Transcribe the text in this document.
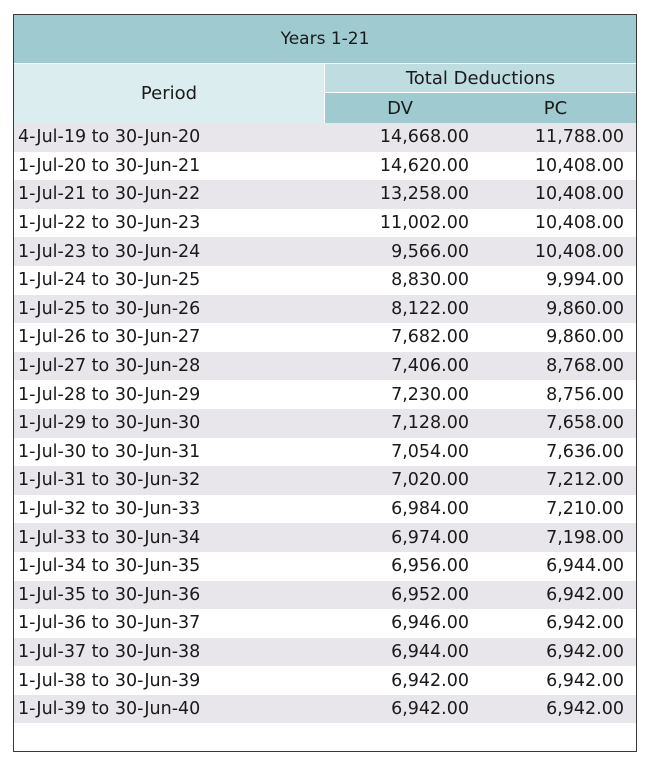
Years 1-21
Period
Total Deductions
DV	PC
4-Jul-19 to 30-Jun-20	14,668.00	11,788.00
1-Jul-20 to 30-Jun-21	14,620.00	10,408.00
1-Jul-21 to 30-Jun-22	13,258.00	10,408.00
1-Jul-22 to 30-Jun-23	11,002.00	10,408.00
1-Jul-23 to 30-Jun-24	9,566.00	10,408.00
1-Jul-24 to 30-Jun-25	8,830.00	9,994.00
1-Jul-25 to 30-Jun-26	8,122.00	9,860.00
1-Jul-26 to 30-Jun-27	7,682.00	9,860.00
1-Jul-27 to 30-Jun-28	7,406.00	8,768.00
1-Jul-28 to 30-Jun-29	7,230.00	8,756.00
1-Jul-29 to 30-Jun-30	7,128.00	7,658.00
1-Jul-30 to 30-Jun-31	7,054.00	7,636.00
1-Jul-31 to 30-Jun-32	7,020.00	7,212.00
1-Jul-32 to 30-Jun-33	6,984.00	7,210.00
1-Jul-33 to 30-Jun-34	6,974.00	7,198.00
1-Jul-34 to 30-Jun-35	6,956.00	6,944.00
1-Jul-35 to 30-Jun-36	6,952.00	6,942.00
1-Jul-36 to 30-Jun-37	6,946.00	6,942.00
1-Jul-37 to 30-Jun-38	6,944.00	6,942.00
1-Jul-38 to 30-Jun-39	6,942.00	6,942.00
1-Jul-39 to 30-Jun-40	6,942.00	6,942.00
